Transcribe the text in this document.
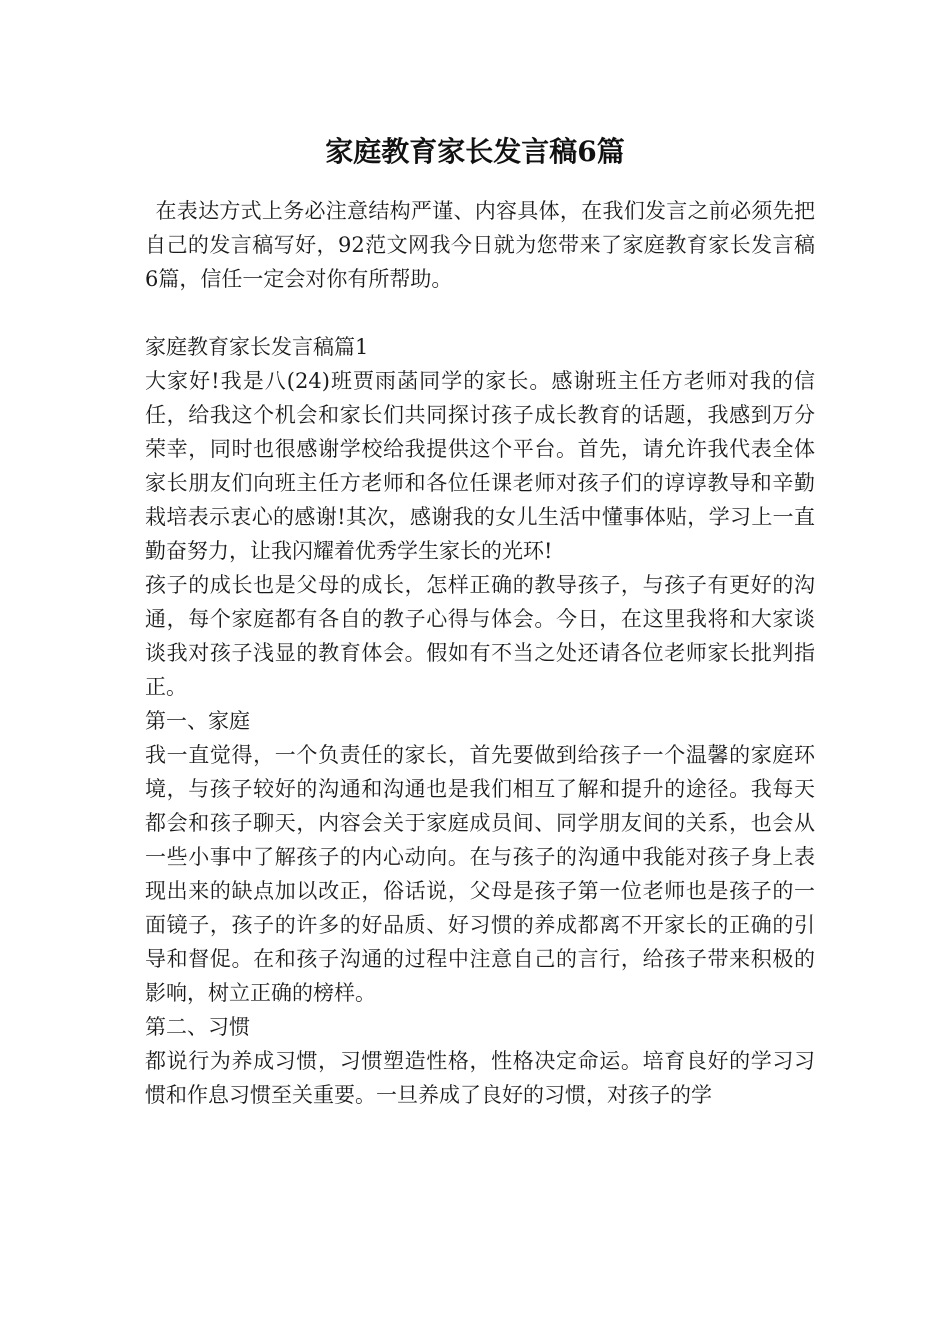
家庭教育家长发言稿6篇

在表达方式上务必注意结构严谨、内容具体，在我们发言之前必须先把自己的发言稿写好，92范文网我今日就为您带来了家庭教育家长发言稿6篇，信任一定会对你有所帮助。

家庭教育家长发言稿篇1

大家好!我是八(24)班贾雨菡同学的家长。感谢班主任方老师对我的信任，给我这个机会和家长们共同探讨孩子成长教育的话题，我感到万分荣幸，同时也很感谢学校给我提供这个平台。首先，请允许我代表全体家长朋友们向班主任方老师和各位任课老师对孩子们的谆谆教导和辛勤栽培表示衷心的感谢!其次，感谢我的女儿生活中懂事体贴，学习上一直勤奋努力，让我闪耀着优秀学生家长的光环!

孩子的成长也是父母的成长，怎样正确的教导孩子，与孩子有更好的沟通，每个家庭都有各自的教子心得与体会。今日，在这里我将和大家谈谈我对孩子浅显的教育体会。假如有不当之处还请各位老师家长批判指正。

第一、家庭

我一直觉得，一个负责任的家长，首先要做到给孩子一个温馨的家庭环境，与孩子较好的沟通和沟通也是我们相互了解和提升的途径。我每天都会和孩子聊天，内容会关于家庭成员间、同学朋友间的关系，也会从一些小事中了解孩子的内心动向。在与孩子的沟通中我能对孩子身上表现出来的缺点加以改正，俗话说，父母是孩子第一位老师也是孩子的一面镜子，孩子的许多的好品质、好习惯的养成都离不开家长的正确的引导和督促。在和孩子沟通的过程中注意自己的言行，给孩子带来积极的影响，树立正确的榜样。

第二、习惯

都说行为养成习惯，习惯塑造性格，性格决定命运。培育良好的学习习惯和作息习惯至关重要。一旦养成了良好的习惯，对孩子的学
